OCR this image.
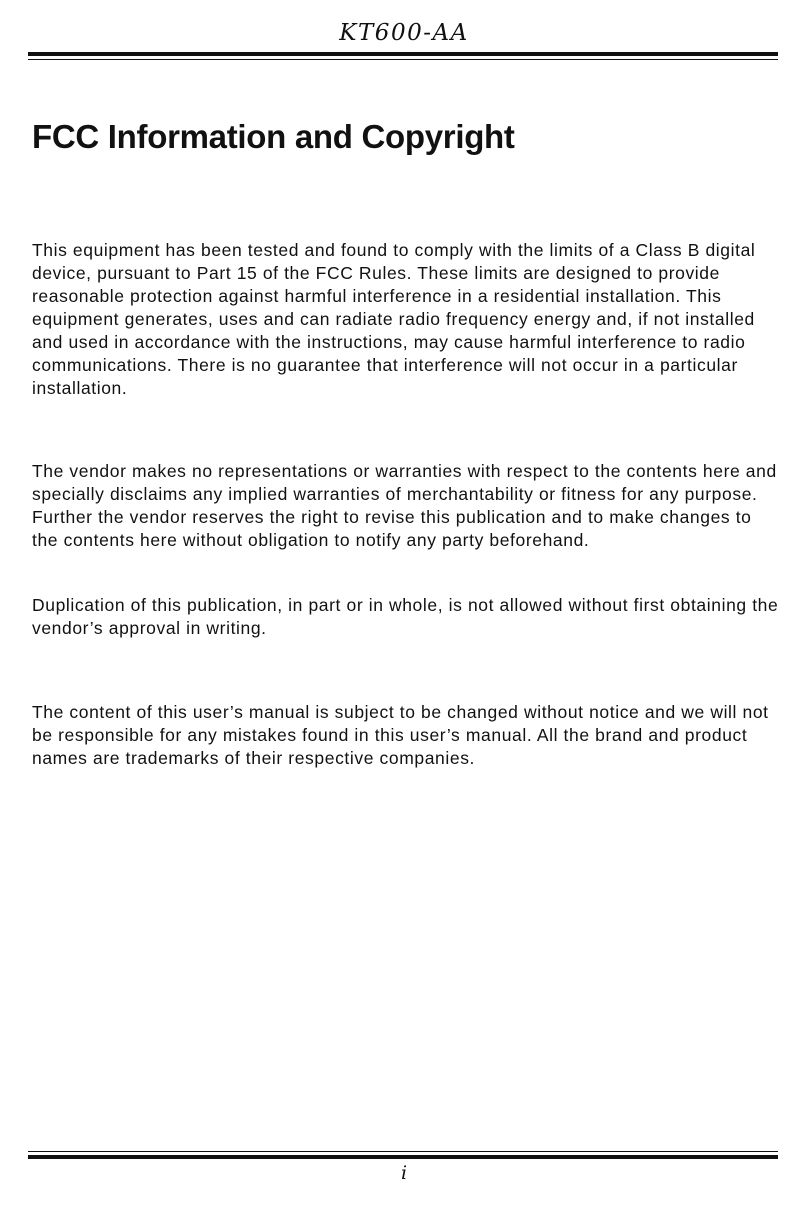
KT600-AA
FCC Information and Copyright

This equipment has been tested and found to comply with the limits of a Class B digital device, pursuant to Part 15 of the FCC Rules. These limits are designed to provide reasonable protection against harmful interference in a residential installation. This equipment generates, uses and can radiate radio frequency energy and, if not installed and used in accordance with the instructions, may cause harmful interference to radio communications. There is no guarantee that interference will not occur in a particular installation.

The vendor makes no representations or warranties with respect to the contents here and specially disclaims any implied warranties of merchantability or fitness for any purpose. Further the vendor reserves the right to revise this publication and to make changes to the contents here without obligation to notify any party beforehand.

Duplication of this publication, in part or in whole, is not allowed without first obtaining the vendor’s approval in writing.

The content of this user’s manual is subject to be changed without notice and we will not be responsible for any mistakes found in this user’s manual. All the brand and product names are trademarks of their respective companies.

i
